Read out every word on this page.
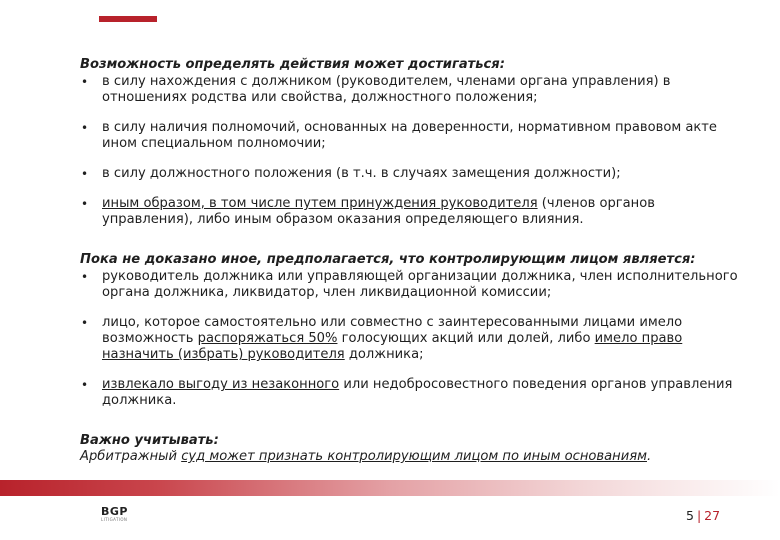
Возможность определять действия может достигаться:

• в силу нахождения с должником (руководителем, членами органа управления) в отношениях родства или свойства, должностного положения;
• в силу наличия полномочий, основанных на доверенности, нормативном правовом акте ином специальном полномочии;
• в силу должностного положения (в т.ч. в случаях замещения должности);
• иным образом, в том числе путем принуждения руководителя (членов органов управления), либо иным образом оказания определяющего влияния.

Пока не доказано иное, предполагается, что контролирующим лицом является:

• руководитель должника или управляющей организации должника, член исполнительного органа должника, ликвидатор, член ликвидационной комиссии;
• лицо, которое самостоятельно или совместно с заинтересованными лицами имело возможность распоряжаться 50% голосующих акций или долей, либо имело право назначить (избрать) руководителя должника;
• извлекало выгоду из незаконного или недобросовестного поведения органов управления должника.

Важно учитывать:

Арбитражный суд может признать контролирующим лицом по иным основаниям.

BGP
LITIGATION	5 | 27
